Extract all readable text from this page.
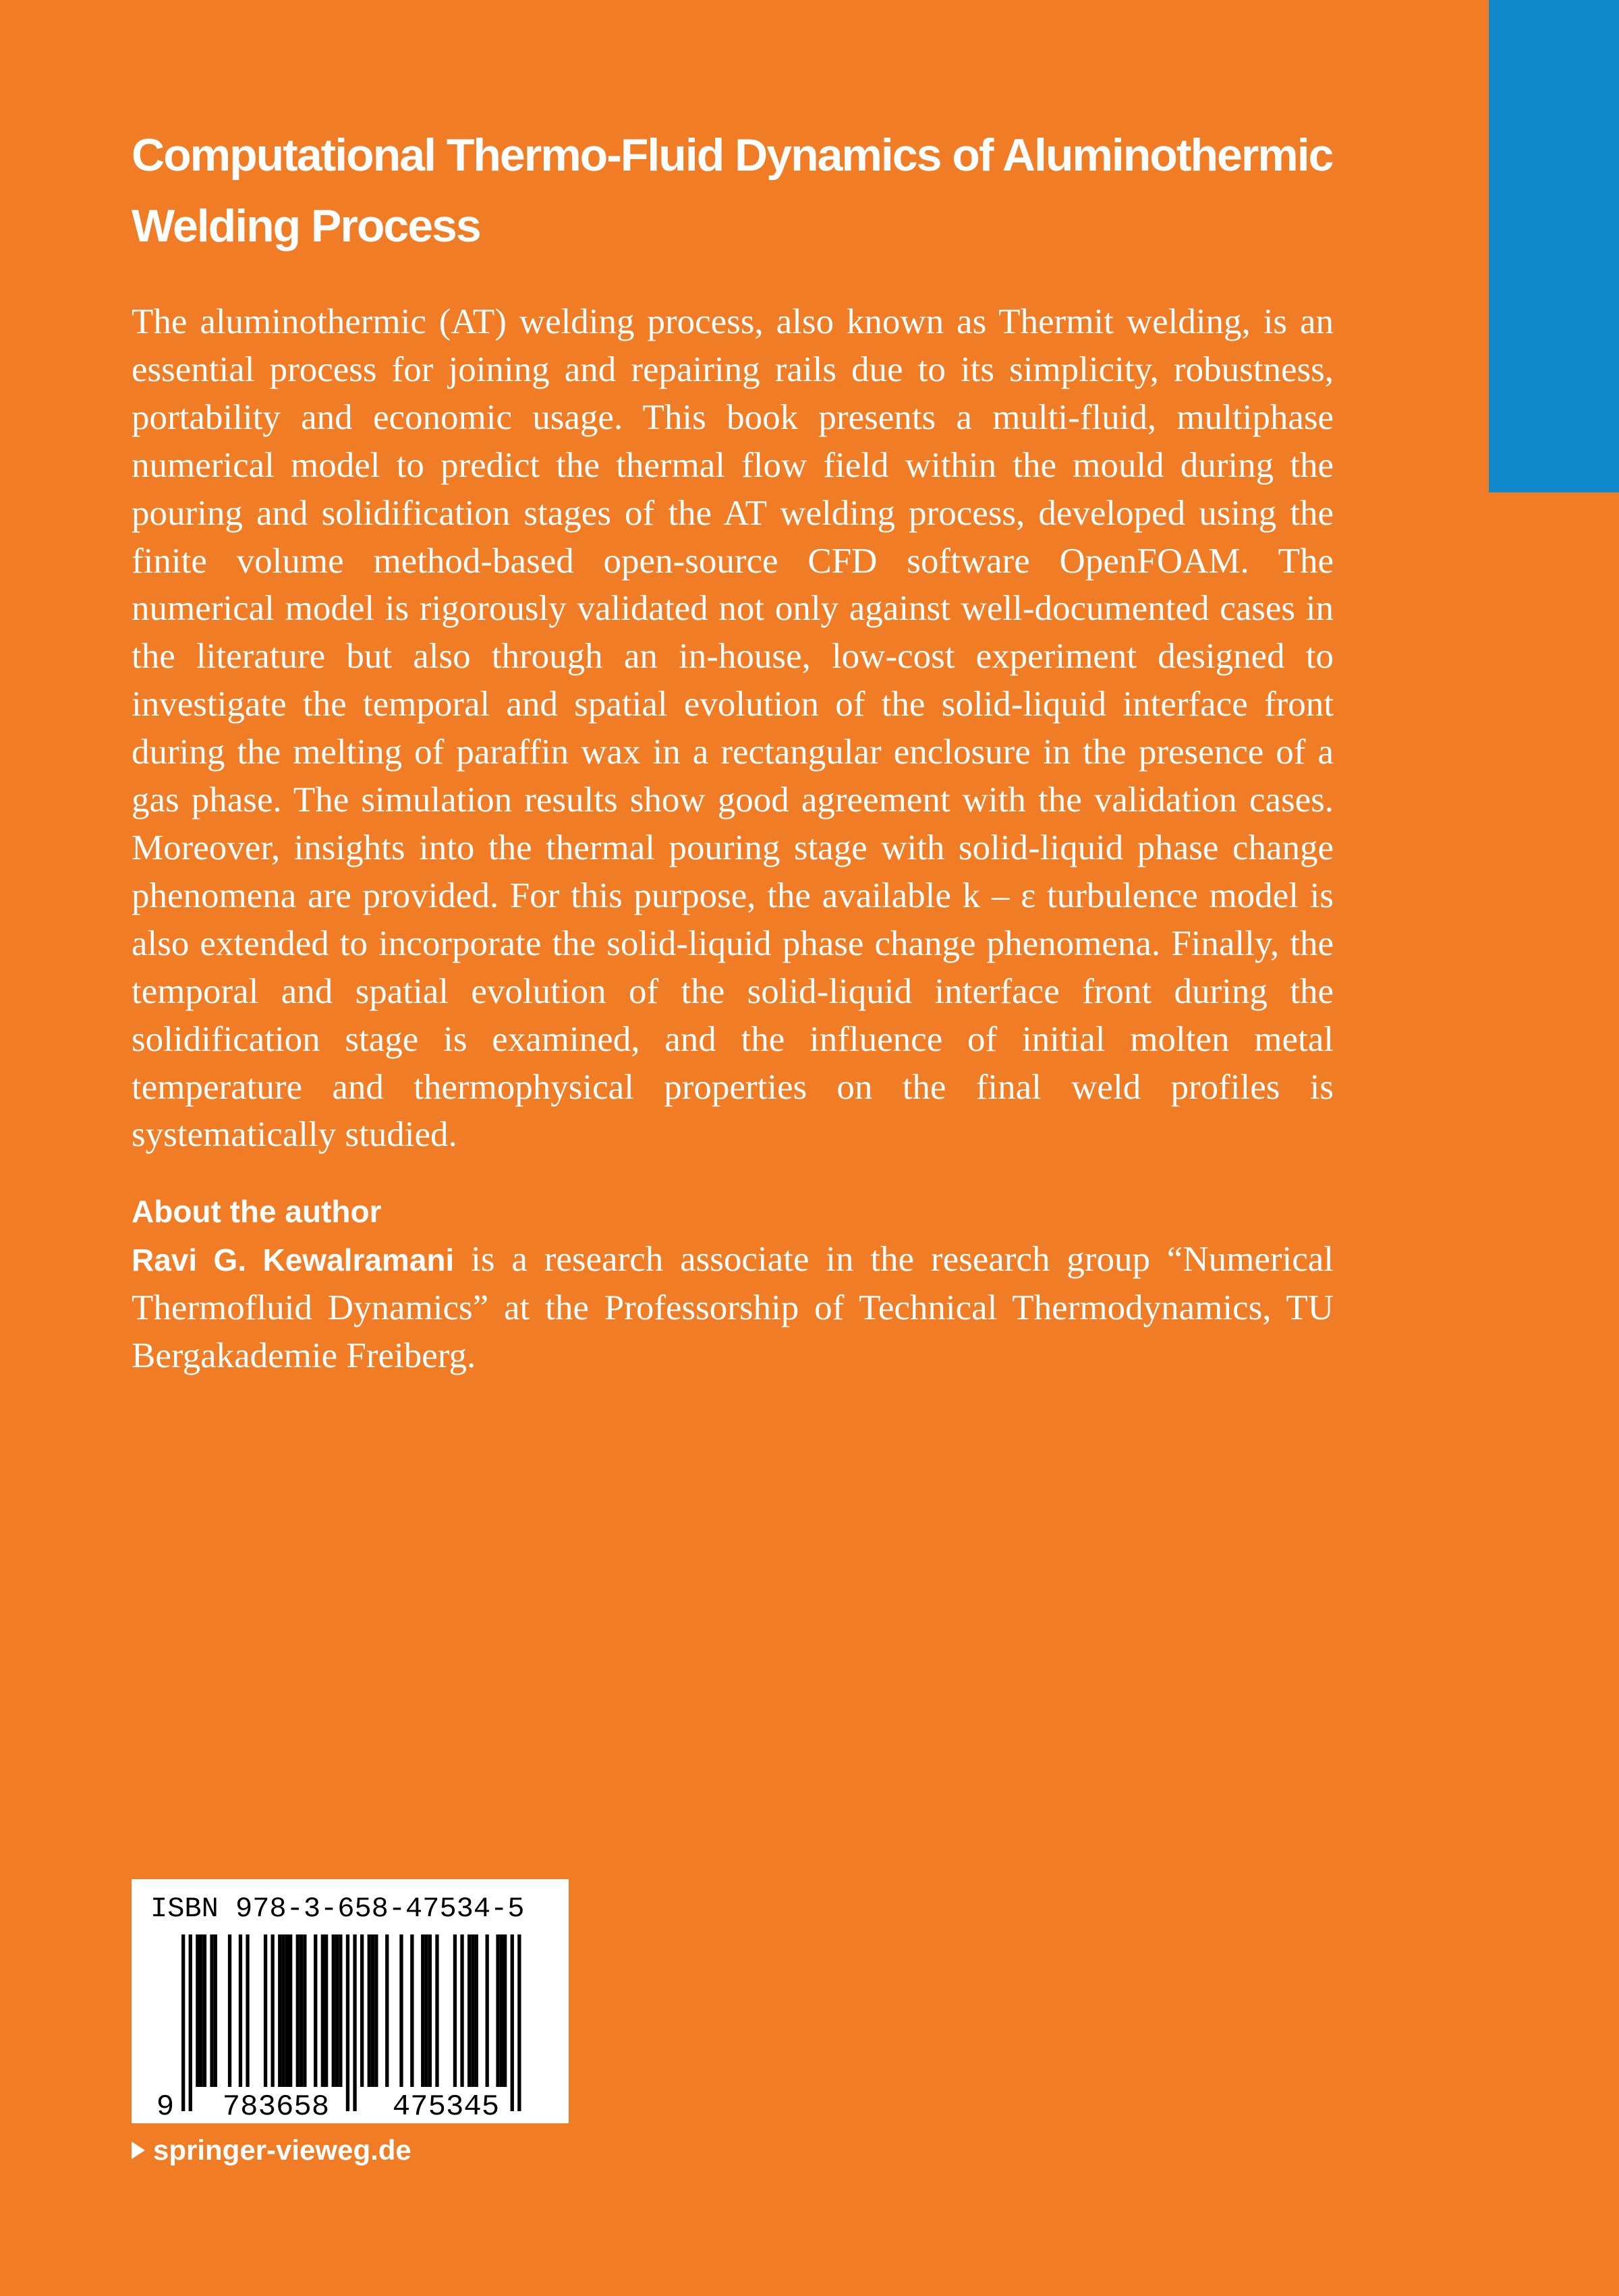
Computational Thermo-Fluid Dynamics of Aluminothermic
Welding Process

The aluminothermic (AT) welding process, also known as Thermit welding, is an essential process for joining and repairing rails due to its simplicity, robustness, portability and economic usage. This book presents a multi-fluid, multiphase numerical model to predict the thermal flow field within the mould during the pouring and solidification stages of the AT welding process, developed using the finite volume method-based open-source CFD software OpenFOAM. The numerical model is rigorously validated not only against well-documented cases in the literature but also through an in-house, low-cost experiment designed to investigate the temporal and spatial evolution of the solid-liquid interface front during the melting of paraffin wax in a rectangular enclosure in the presence of a gas phase. The simulation results show good agreement with the validation cases. Moreover, insights into the thermal pouring stage with solid-liquid phase change phenomena are provided. For this purpose, the available k – ε turbulence model is also extended to incorporate the solid-liquid phase change phenomena. Finally, the temporal and spatial evolution of the solid-liquid interface front during the solidification stage is examined, and the influence of initial molten metal temperature and thermophysical properties on the final weld profiles is systematically studied.

About the author

Ravi G. Kewalramani is a research associate in the research group “Numerical Thermofluid Dynamics” at the Professorship of Technical Thermodynamics, TU Bergakademie Freiberg.

ISBN 978-3-658-47534-5
9 783658 475345
springer-vieweg.de
